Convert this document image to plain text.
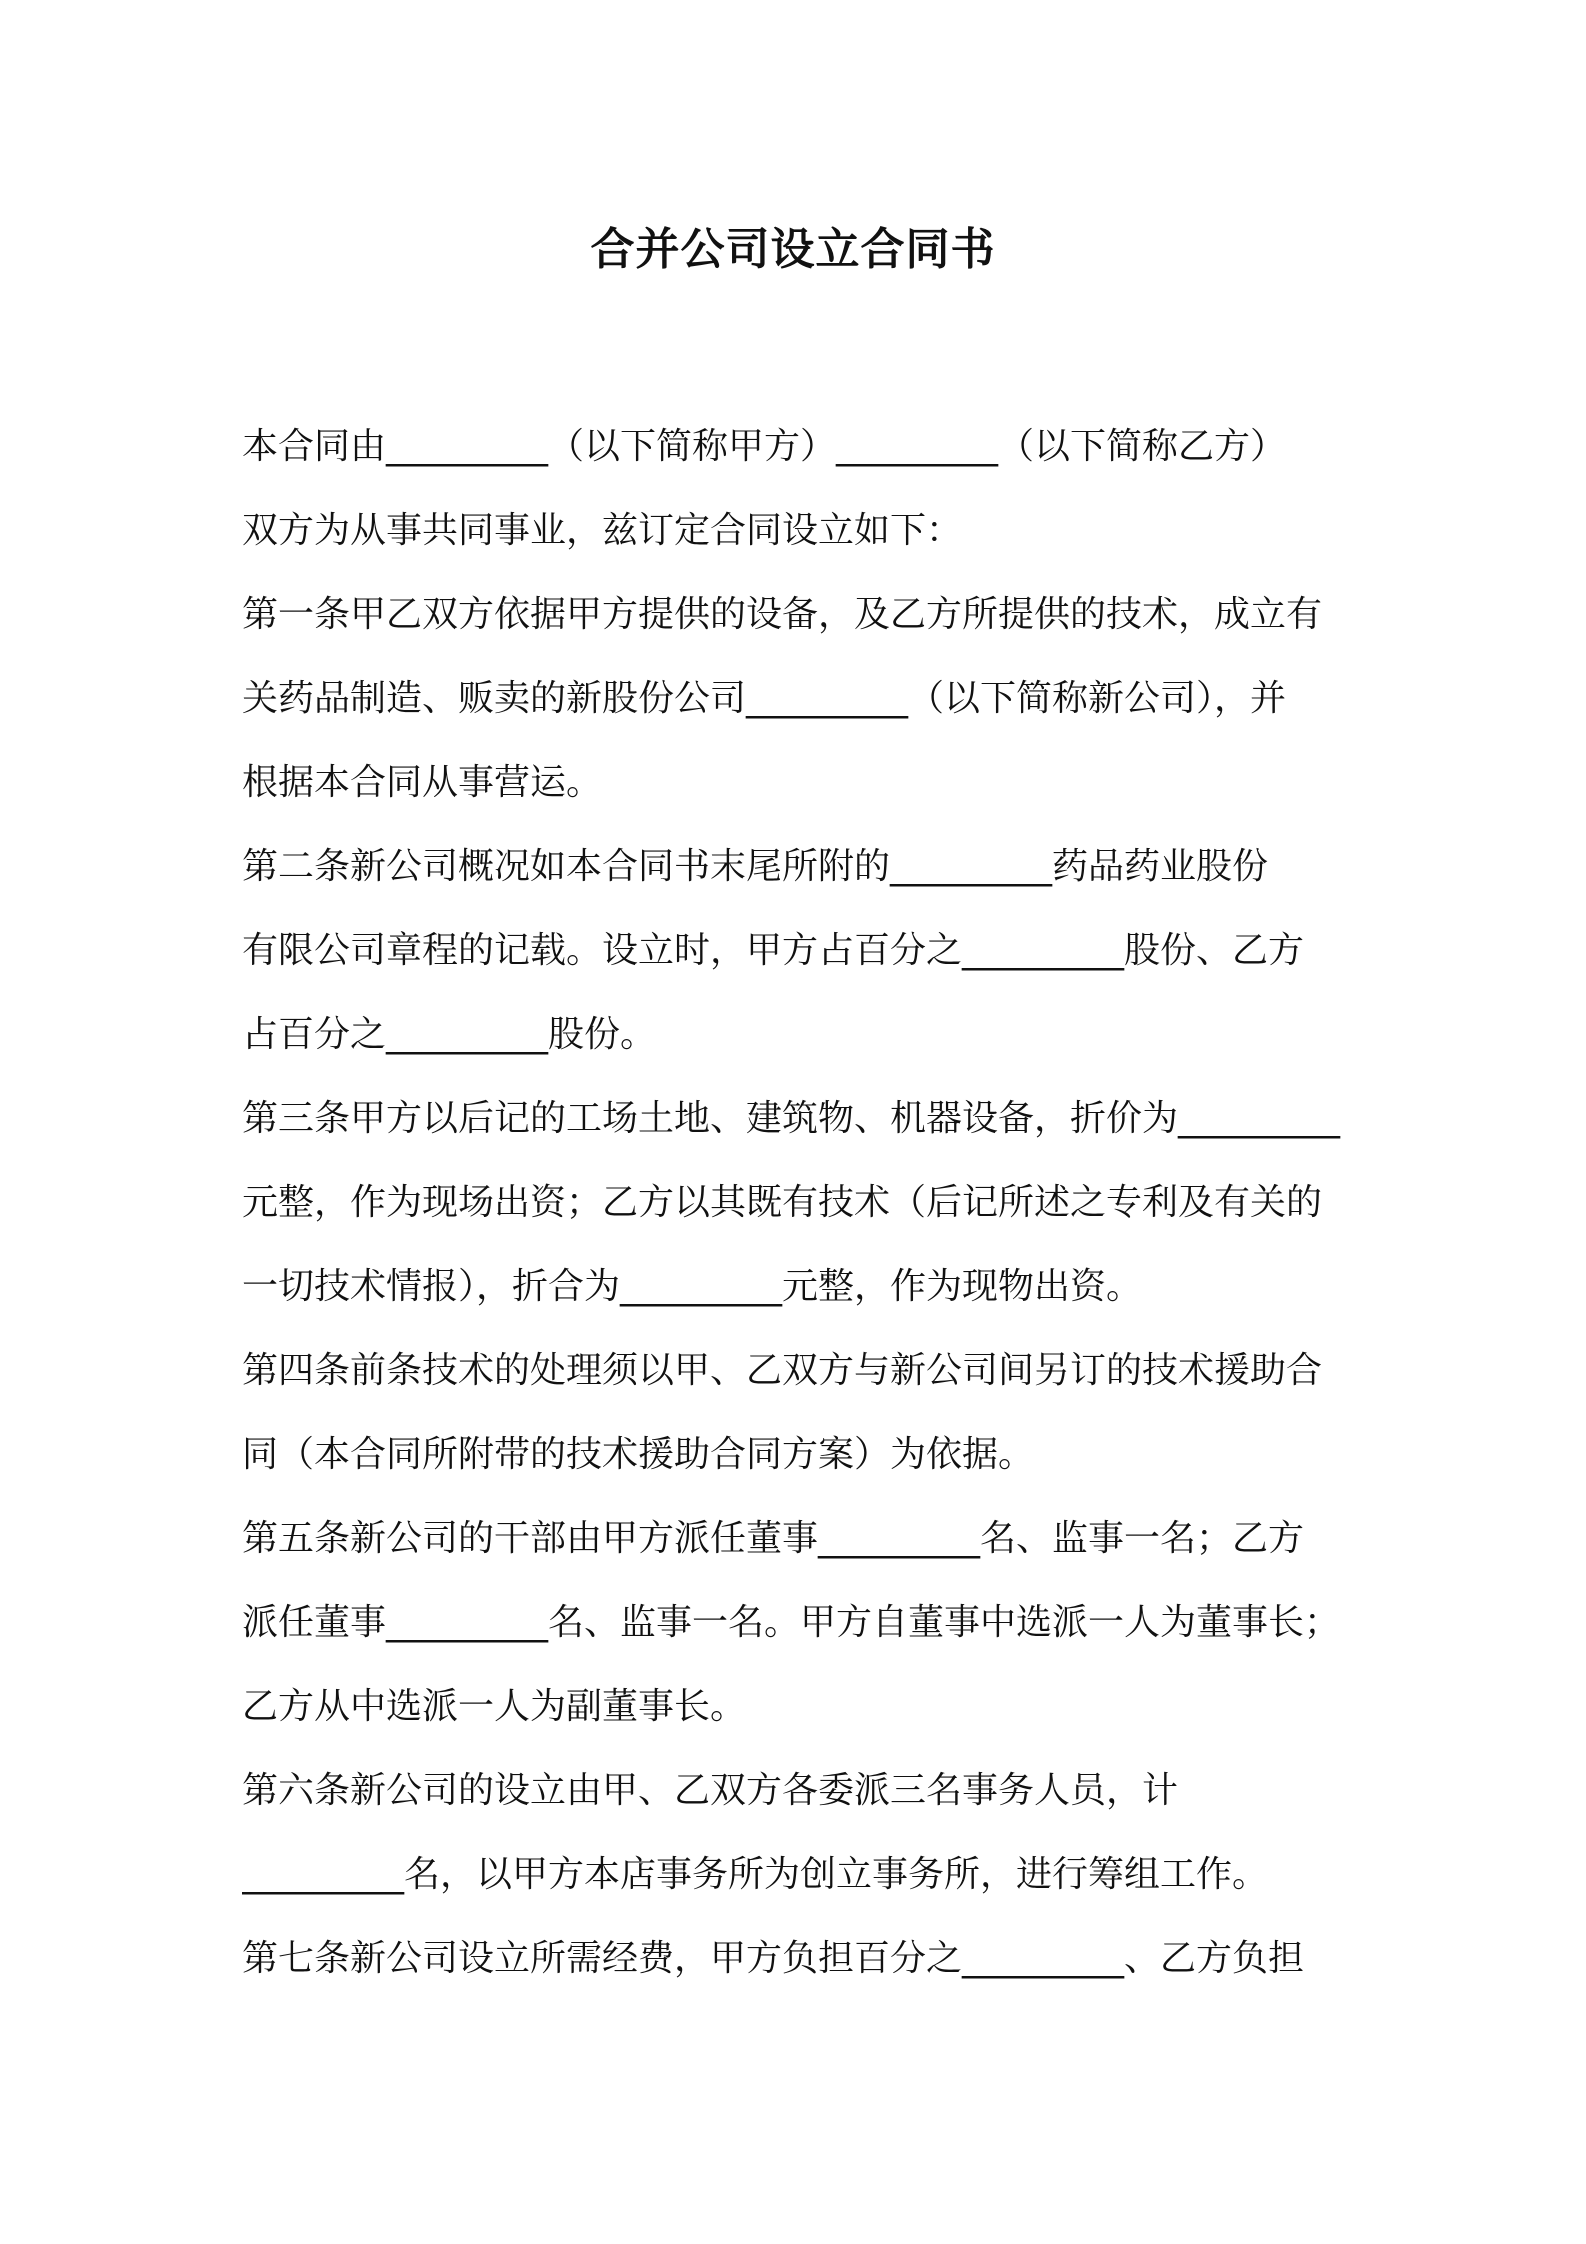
合并公司设立合同书
本合同由_________（以下简称甲方）_________（以下简称乙方）
双方为从事共同事业，兹订定合同设立如下：
第一条甲乙双方依据甲方提供的设备，及乙方所提供的技术，成立有
关药品制造、贩卖的新股份公司_________（以下简称新公司），并
根据本合同从事营运。
第二条新公司概况如本合同书末尾所附的_________药品药业股份
有限公司章程的记载。设立时，甲方占百分之_________股份、乙方
占百分之_________股份。
第三条甲方以后记的工场土地、建筑物、机器设备，折价为_________
元整，作为现场出资；乙方以其既有技术（后记所述之专利及有关的
一切技术情报），折合为_________元整，作为现物出资。
第四条前条技术的处理须以甲、乙双方与新公司间另订的技术援助合
同（本合同所附带的技术援助合同方案）为依据。
第五条新公司的干部由甲方派任董事_________名、监事一名；乙方
派任董事_________名、监事一名。甲方自董事中选派一人为董事长；
乙方从中选派一人为副董事长。
第六条新公司的设立由甲、乙双方各委派三名事务人员，计
_________名，以甲方本店事务所为创立事务所，进行筹组工作。
第七条新公司设立所需经费，甲方负担百分之_________、乙方负担
